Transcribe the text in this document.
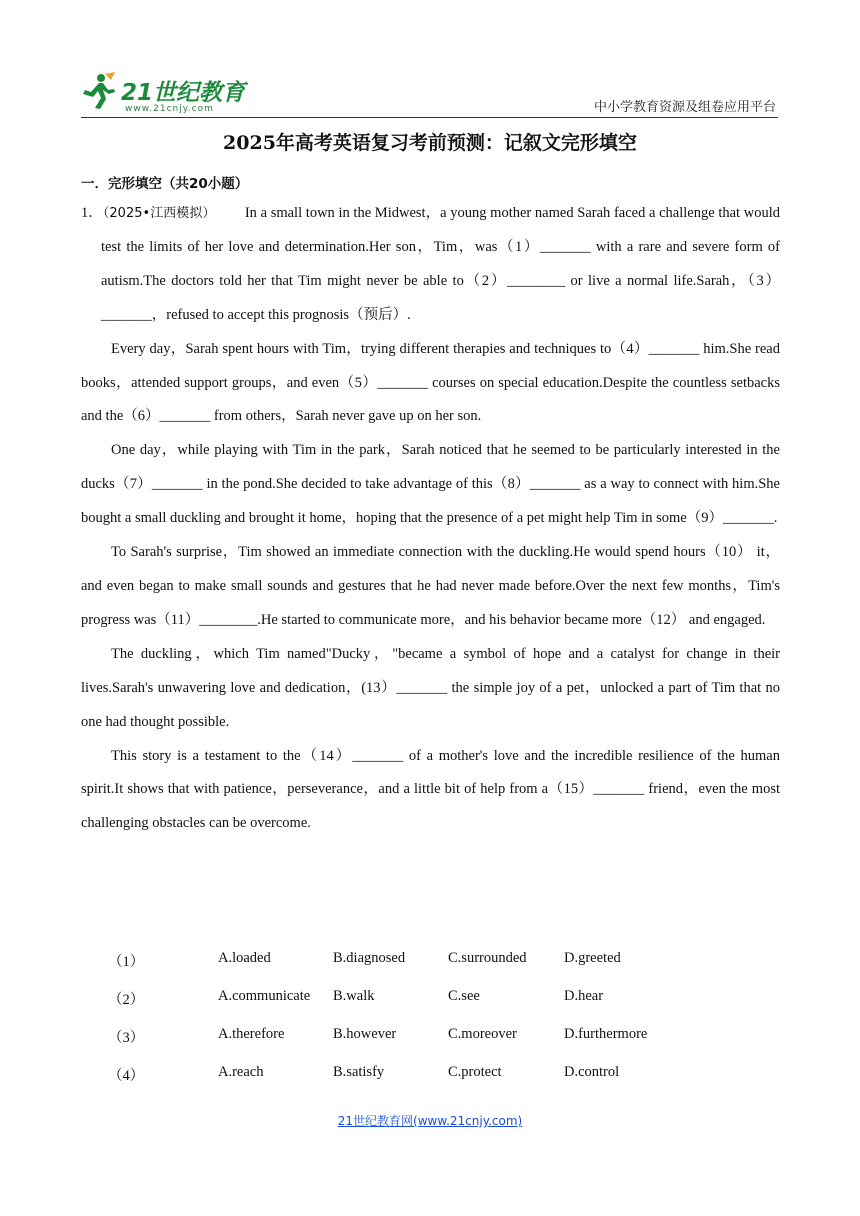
21世纪教育
www.21cnjy.com	中小学教育资源及组卷应用平台
2025年高考英语复习考前预测：记叙文完形填空
一．完形填空（共20小题）

1．（2025•江西模拟） In a small town in the Midwest，a young mother named Sarah faced a challenge that would test the limits of her love and determination.Her son，Tim，was（1）_______ with a rare and severe form of autism.The doctors told her that Tim might never be able to（2）________ or live a normal life.Sarah，（3）_______，refused to accept this prognosis（预后）.

Every day，Sarah spent hours with Tim，trying different therapies and techniques to（4）_______ him.She read books，attended support groups，and even（5）_______ courses on special education.Despite the countless setbacks and the（6）_______ from others，Sarah never gave up on her son.

One day，while playing with Tim in the park，Sarah noticed that he seemed to be particularly interested in the ducks（7）_______ in the pond.She decided to take advantage of this（8）_______ as a way to connect with him.She bought a small duckling and brought it home，hoping that the presence of a pet might help Tim in some（9）_______.

To Sarah's surprise，Tim showed an immediate connection with the duckling.He would spend hours（10） it，and even began to make small sounds and gestures that he had never made before.Over the next few months，Tim's progress was（11）________.He started to communicate more，and his behavior became more（12） and engaged.

The duckling，which Tim named"Ducky，"became a symbol of hope and a catalyst for change in their lives.Sarah's unwavering love and dedication，(13）_______ the simple joy of a pet，unlocked a part of Tim that no one had thought possible.

This story is a testament to the（14）_______ of a mother's love and the incredible resilience of the human spirit.It shows that with patience，perseverance，and a little bit of help from a（15）_______ friend，even the most challenging obstacles can be overcome.

（1）	A.loaded	B.diagnosed	C.surrounded	D.greeted
（2）	A.communicate B.walk	C.see	D.hear
（3）	A.therefore	B.however	C.moreover	D.furthermore
（4）	A.reach	B.satisfy	C.protect	D.control
21世纪教育网(www.21cnjy.com)
